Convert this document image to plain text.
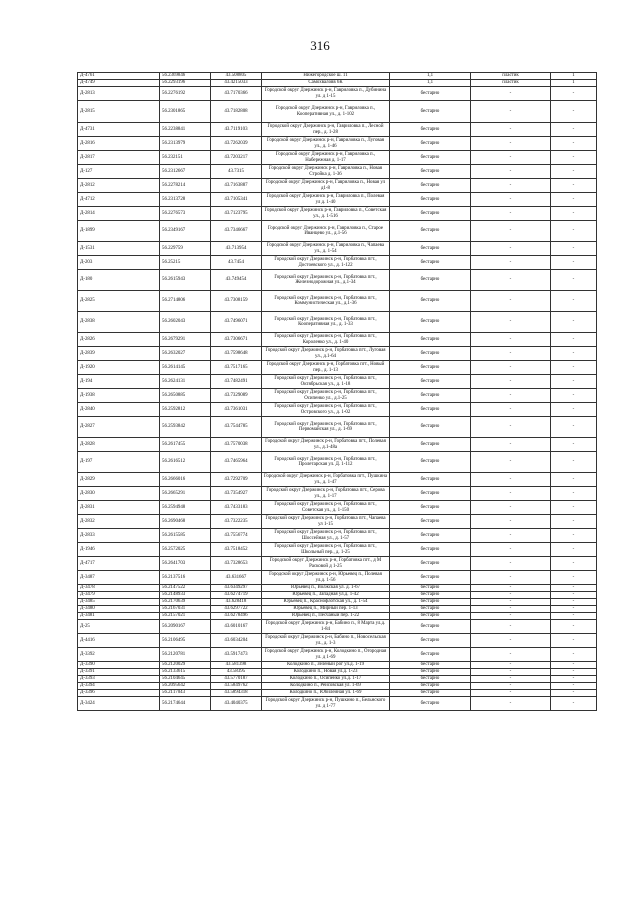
316
Д-4761	56.2369846	43.508805	Нижегородское ш. 11	1,1	пластик	1
Д-4749	56.2293196	43.4215033	Самохваловв 6К	1,1	пластик	1
Д-2813	56.2276192	43.7170366	Городской округ Дзержинск р-н, Гавриловка п., Дубинина ул. д 1-15	бестарно	-	-
Д-2815	56.2301865	43.7182808	Городской округ Дзержинск р-н, Гавриловка п., Кооперативная ул., д. 1-102	бестарно	-	-
Д-4731	56.2238841	43.7119103	Городской округ Дзержинск р-н, Гавриловка п., Лесной пер., д. 1-28	бестарно	-	-
Д-2816	56.2313979	43.7262039	Городской округ Дзержинск р-н, Гавриловка п., Луговая ул., д. 1-46	бестарно	-	-
Д-2817	56.232151	43.7203217	Городской округ Дзержинск р-н, Гавриловка п., Набережная д. 1-17	бестарно	-	-
Д-127	56.2312667	43.7315	Городской округ Дзержинск р-н, Гавриловка п., Новая Стройка д. 1-36	бестарно	-	-
Д-2812	56.2278214	43.7163887	Городской округ Дзержинск р-н, Гавриловка п., Новая ул д1-8	бестарно	-	-
Д-4712	56.2313728	43.7105341	Городской округ Дзержинск р-н, Гавриловка п., Полевая ул д. 1-40	бестарно	-	-
Д-2814	56.2276573	43.7123795	Городской округ Дзержинск р-н, Гавриловка п., Советская ул., д. 1-516	бестарно	-	-
Д-1899	56.2349167	43.7346667	Городской округ Дзержинск р-н, Гавриловка п., Старое Иванцево ул., д.1-56	бестарно	-	-
Д-1531	56.229759	43.713954	Городской округ Дзержинск р-н, Гавриловка п., Чапаева ул., д. 1-54	бестарно	-	-
Д-203	56.25215	43.7454	Городской округ Дзержинск р-н, Горбатовка пгт., Достоевского ул., д. 1-122	бестарно	-	-
Д-180	56.2615943	43.749454	Городской округ Дзержинск р-н, Горбатовка пгт., Железнодорожная ул., д.1-34	бестарно	-	-
Д-2825	56.2714806	43.7308159	Городской округ Дзержинск р-н, Горбатовка пгт., Коммунистическая ул., д.1-36	бестарно	-	-
Д-2838	56.2602043	43.7496071	Городской округ Дзержинск р-н, Горбатовка пгт., Кооперативная ул., д. 1-33	бестарно	-	-
Д-2826	56.2679291	43.7306671	Городской округ Дзержинск р-н, Горбатовка пгт., Короленко ул., д. 1-40	бестарно	-	-
Д-2839	56.2632027	43.7598648	Городской округ Дзержинск р-н, Горбатовка пгт., Луговая ул., д.1-64	бестарно	-	-
Д-1920	56.2614145	43.7517165	Городской округ Дзержинск р-н, Горбатовка пгт., Новый пер., д. 1-13	бестарно	-	-
Д-194	56.2624131	43.7482491	Городской округ Дзержинск р-н, Горбатовка пгт., Октябрьская ул., д. 1-18	бестарно	-	-
Д-1938	56.2650885	43.7329089	Городской округ Дзержинск р-н, Горбатовка пгт., Осипенко ул., д.1-25	бестарно	-	-
Д-2840	56.2592812	43.7361031	Городской округ Дзержинск р-н, Горбатовка пгт., Островского ул., д. 1-02	бестарно	-	-
Д-2827	56.2593842	43.7544785	Городской округ Дзержинск р-н, Горбатовка пгт., Первомайская ул., д. 1-69	бестарно	-	-
Д-2828	56.2617455	43.7570038	Городской округ Дзержинск р-н, Горбатовка пгт., Полевая ул., д.1-48а	бестарно	-	-
Д-197	56.2616512	43.7465964	Городской округ Дзержинск р-н, Горбатовка пгт., Пролетарская ул. Д. 1-112	бестарно	-	-
Д-2829	56.2666016	43.7292709	Городской округ Дзержинск р-н, Горбатовка пгт., Пушкина ул., д. 1-47	бестарно	-	-
Д-2830	56.2665291	43.7354927	Городской округ Дзержинск р-н, Горбатовка пгт., Серова ул., д. 1-17	бестарно	-	-
Д-2831	56.2594948	43.7433183	Городской округ Дзержинск р-н, Горбатовка пгт., Советская ул., д. 1-150	бестарно	-	-
Д-2832	56.2690468	43.7322235	Городской округ Дзержинск р-н, Горбатовка пгт., Чапаева ул 1-15	бестарно	-	-
Д-2833	56.2615585	43.7556774	Городской округ Дзержинск р-н, Горбатовка пгт., Шоссейная ул., д. 1-57	бестарно	-	-
Д-1946	56.2572025	43.7518452	Городской округ Дзержинск р-н, Горбатовка пгт., Школьный пер., д. 1-25	бестарно	-	-
Д-4717	56.2641703	43.7328653	Городской округ Дзержинск р-н, Горбатовка пгт., д М Расковой д 1-25	бестарно	-	-
Д-3487	56.2137516	43.631667	Городской округ Дзержинск р-н, Юрьевец п., Полевая ул.д. 1-56	бестарно	-	-
Д-3478	56.2147522	43.6349297	Юрьевец п., Волжская ул. д. 1-67	бестарно	-	-
Д-3479	56.2148933	43.6274719	Юрьевец п., Западная ул.д. 1-42	бестарно	-	-
Д-3485	56.2170639	43.628418	Юрьевец п., Краснофлотская ул., д. 1-54	бестарно	-	-
Д-3480	56.2167031	43.6297722	Юрьевец п., Мирный пер. 1-13	бестарно	-	-
Д-3481	56.2157021	43.6278496	Юрьевец п., Песчаный пер. 1-22	бестарно	-	-
Д-25	56.2090167	43.6010167	Городской округ Дзержинск р-н, Бабино п., 8 Марта ул.д. 1-84	бестарно	-	-
Д-4416	56.2106495	43.6034204	Городской округ Дзержинск р-н, Бабино п., Новосельская ул., д. 1-3	бестарно	-	-
Д-3392	56.2120781	43.5917473	Городской округ Дзержинск р-н, Колодкино п., Огородная ул. д 1-69	бестарно	-	-
Д-3390	56.2120029	43.581398	Колодкино п., Зелёный рог ул.д. 1-19	бестарно	-	-
Д-3391	56.2133615	43.58395	Колодкино п., Новая ул.д. 1-23	бестарно	-	-
Д-3393	56.2104645	43.5770187	Колодкино п., Осипенко ул.д. 1-17	бестарно	-	-
Д-3394	56.2095642	43.5849762	Колодкино п., Рейсовская ул. 1-69	бестарно	-	-
Д-3396	56.2117043	43.5894318	Колодкино п., Юбилейная ул. 1-69	бестарно	-	-
Д-3424	56.2174644	43.4040375	Городской округ Дзержинск р-н, Пушкино п., Бельнского ул. д 1-77	бестарно	-	-
